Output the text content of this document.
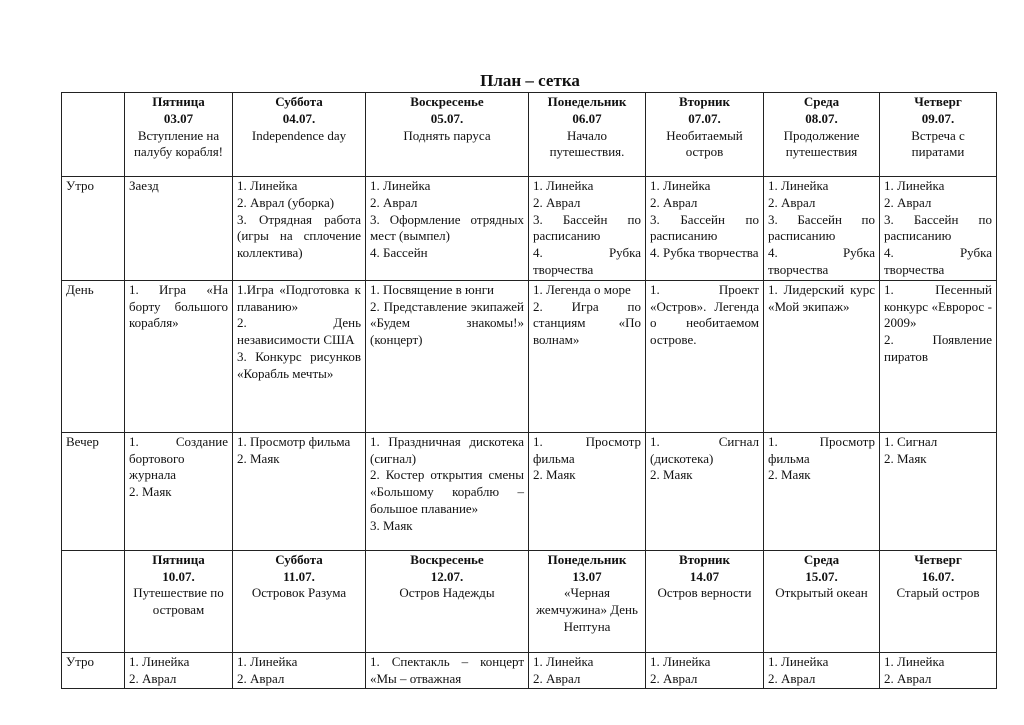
План – сетка

	Пятница
03.07
Вступление на палубу корабля!	Суббота
04.07.
Independence day	Воскресенье
05.07.
Поднять паруса	Понедельник
06.07
Начало путешествия.	Вторник
07.07.
Необитаемый остров	Среда
08.07.
Продолжение путешествия	Четверг
09.07.
Встреча с пиратами

Утро	Заезд	1. Линейка
2. Аврал (уборка)
3. Отрядная работа (игры на сплочение коллектива)	1. Линейка
2. Аврал
3. Оформление отрядных мест (вымпел)
4. Бассейн	1. Линейка
2. Аврал
3. Бассейн по расписанию
4. Рубка творчества	1. Линейка
2. Аврал
3. Бассейн по расписанию
4. Рубка творчества	1. Линейка
2. Аврал
3. Бассейн по расписанию
4. Рубка творчества	1. Линейка
2. Аврал
3. Бассейн по расписанию
4. Рубка творчества

День	1. Игра «На борту большого корабля»	1.Игра «Подготовка к плаванию»
2. День независимости США
3. Конкурс рисунков «Корабль мечты»	1. Посвящение в юнги
2. Представление экипажей «Будем знакомы!» (концерт)	1. Легенда о море
2. Игра по станциям «По волнам»	1. Проект «Остров». Легенда о необитаемом острове.	1. Лидерский курс «Мой экипаж»	1. Песенный конкурс «Евророс - 2009»
2. Появление пиратов

Вечер	1. Создание бортового журнала
2. Маяк	1. Просмотр фильма
2. Маяк	1. Праздничная дискотека (сигнал)
2. Костер открытия смены «Большому кораблю – большое плавание»
3. Маяк	1. Просмотр фильма
2. Маяк	1. Сигнал (дискотека)
2. Маяк	1. Просмотр фильма
2. Маяк	1. Сигнал
2. Маяк

	Пятница
10.07.
Путешествие по островам	Суббота
11.07.
Островок Разума	Воскресенье
12.07.
Остров Надежды	Понедельник
13.07
«Черная жемчужина» День Нептуна	Вторник
14.07
Остров верности	Среда
15.07.
Открытый океан	Четверг
16.07.
Старый остров

Утро	1. Линейка
2. Аврал	1. Линейка
2. Аврал	1. Спектакль – концерт «Мы – отважная	1. Линейка
2. Аврал	1. Линейка
2. Аврал	1. Линейка
2. Аврал	1. Линейка
2. Аврал
